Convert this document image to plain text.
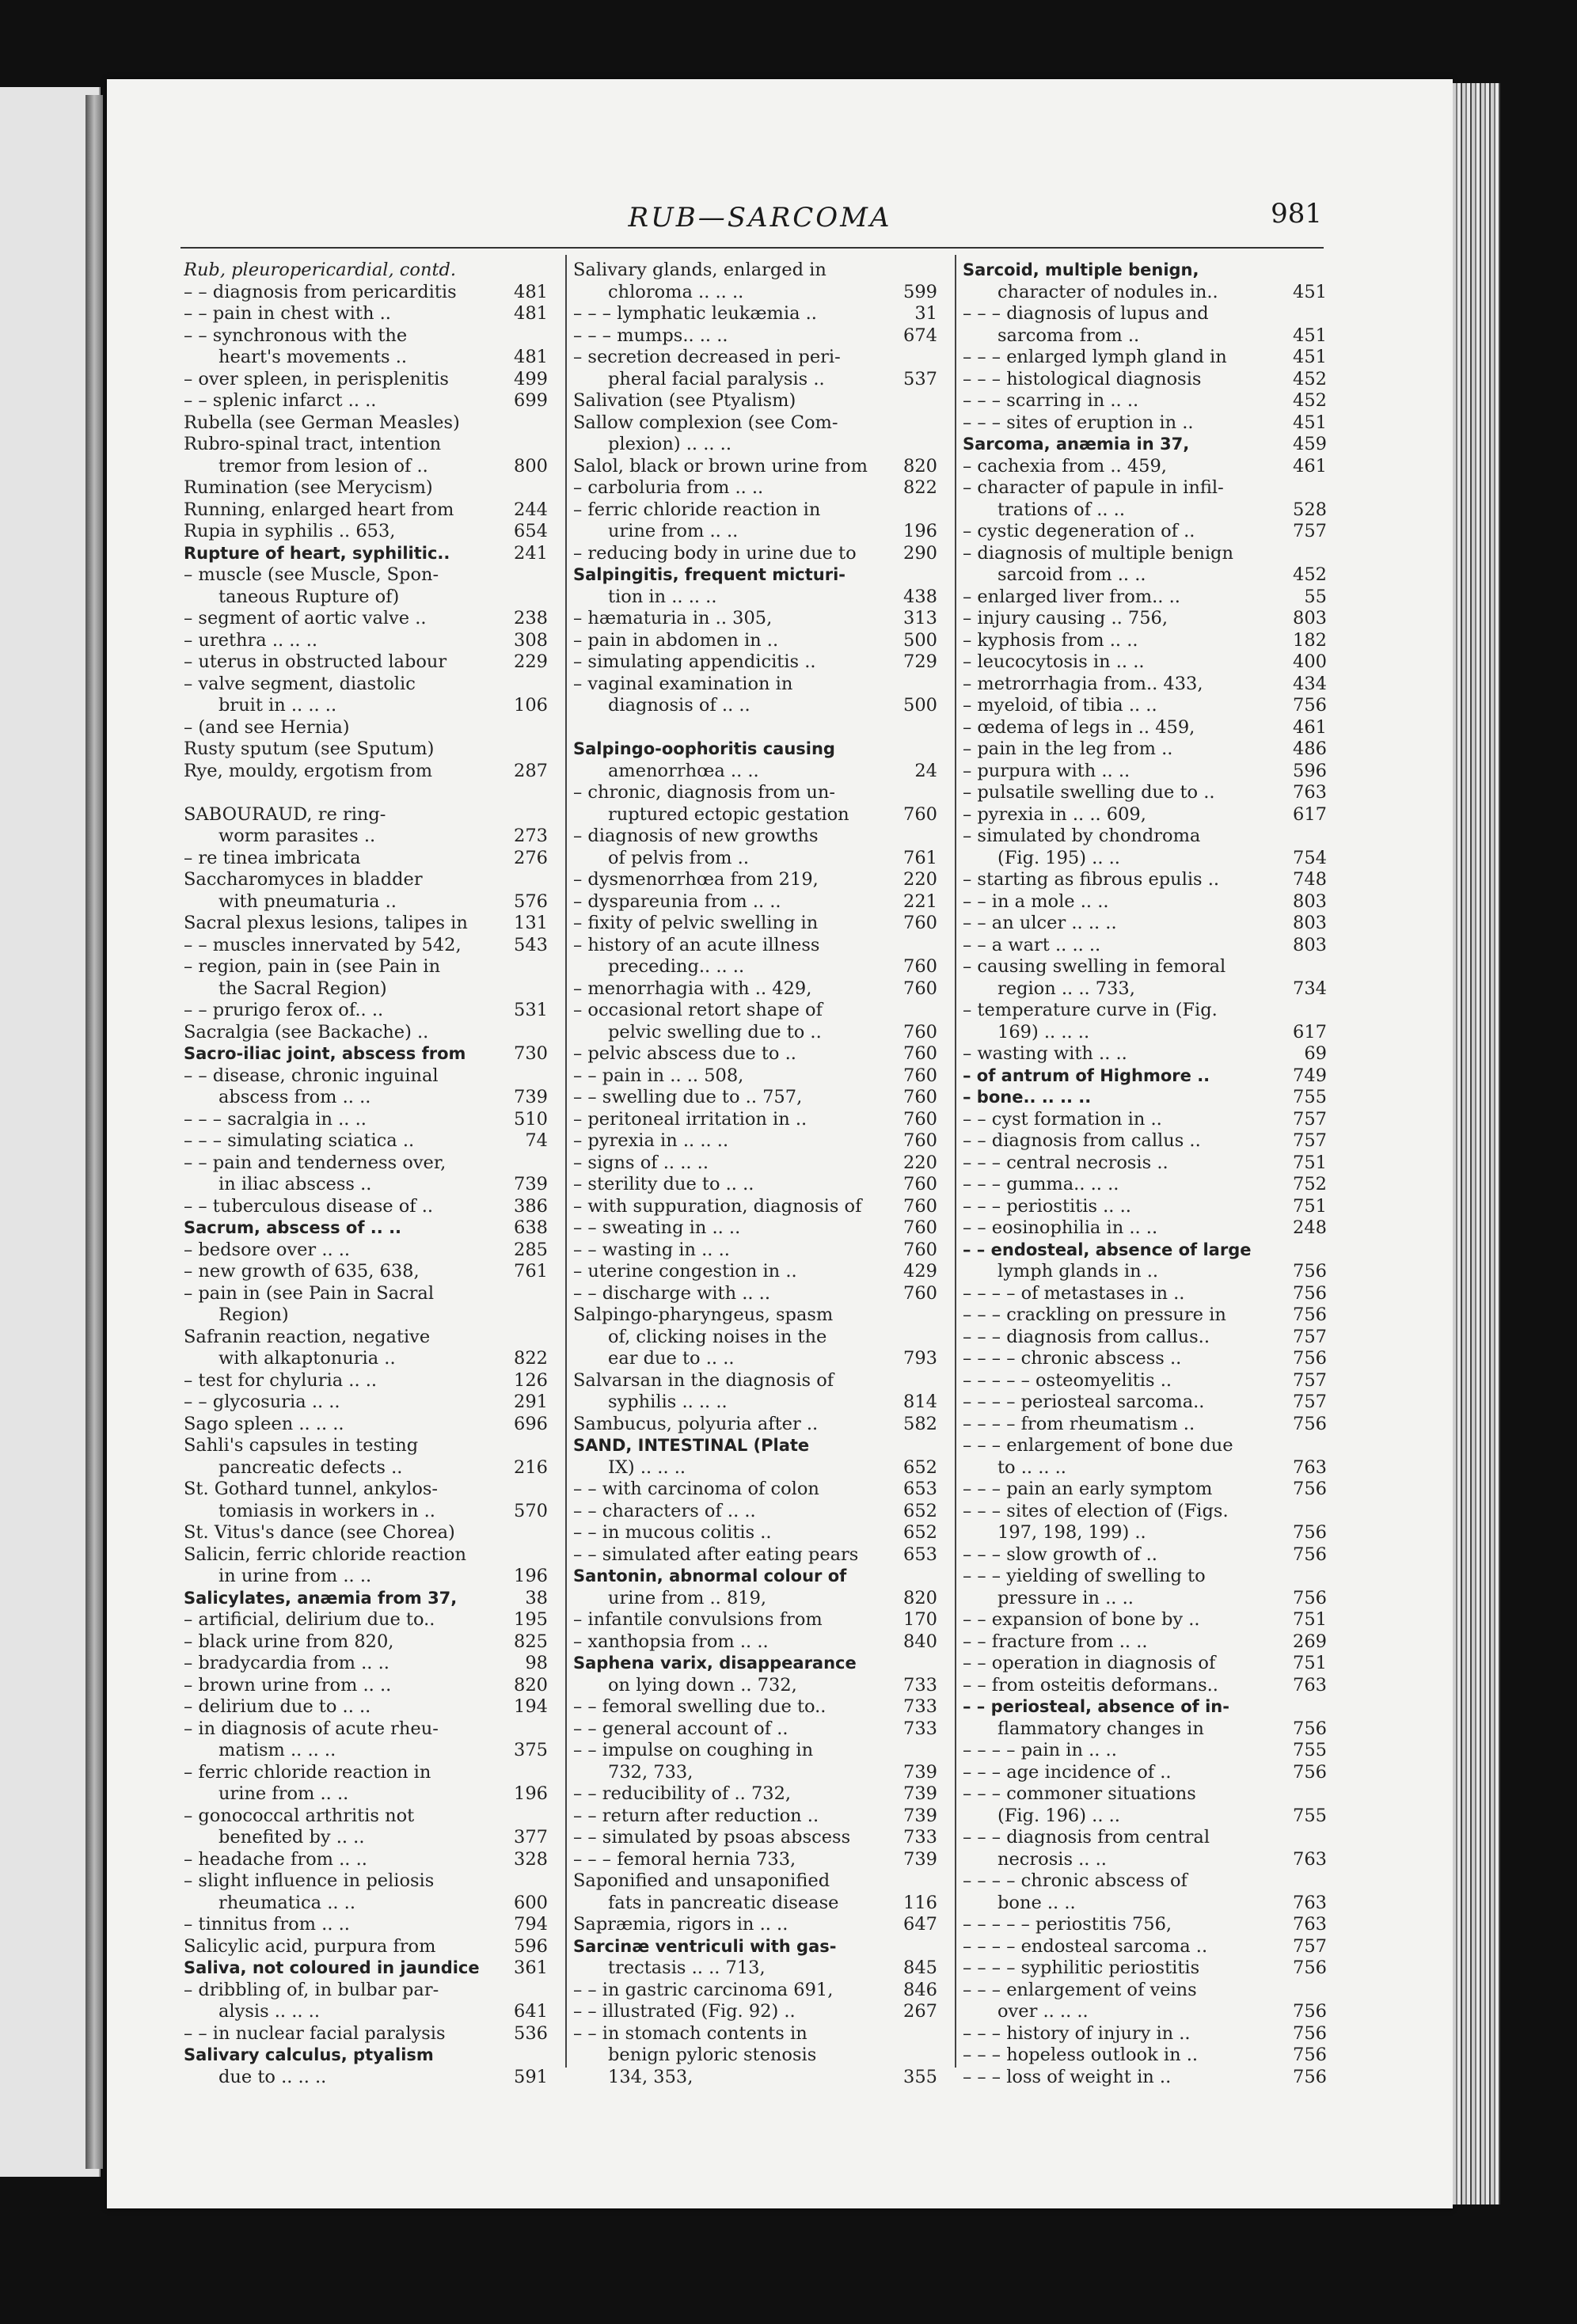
RUB—SARCOMA	981
Rub, pleuropericardial, contd.
– – diagnosis from pericarditis	481
– – pain in chest with ..	481
– – synchronous with the
heart's movements ..	481
– over spleen, in perisplenitis	499
– – splenic infarct .. ..	699
Rubella (see German Measles)
Rubro-spinal tract, intention
tremor from lesion of ..	800
Rumination (see Merycism)
Running, enlarged heart from	244
Rupia in syphilis .. 653,	654
Rupture of heart, syphilitic..	241
– muscle (see Muscle, Spon-
taneous Rupture of)
– segment of aortic valve ..	238
– urethra .. .. ..	308
– uterus in obstructed labour	229
– valve segment, diastolic
bruit in .. .. ..	106
– (and see Hernia)
Rusty sputum (see Sputum)
Rye, mouldy, ergotism from	287
SABOURAUD, re ring-
worm parasites ..	273
– re tinea imbricata	276
Saccharomyces in bladder
with pneumaturia ..	576
Sacral plexus lesions, talipes in	131
– – muscles innervated by 542,	543
– region, pain in (see Pain in
the Sacral Region)
– – prurigo ferox of.. ..	531
Sacralgia (see Backache) ..
Sacro-iliac joint, abscess from	730
– – disease, chronic inguinal
abscess from .. ..	739
– – – sacralgia in .. ..	510
– – – simulating sciatica ..	74
– – pain and tenderness over,
in iliac abscess ..	739
– – tuberculous disease of ..	386
Sacrum, abscess of .. ..	638
– bedsore over .. ..	285
– new growth of 635, 638,	761
– pain in (see Pain in Sacral
Region)
Safranin reaction, negative
with alkaptonuria ..	822
– test for chyluria .. ..	126
– – glycosuria .. ..	291
Sago spleen .. .. ..	696
Sahli's capsules in testing
pancreatic defects ..	216
St. Gothard tunnel, ankylos-
tomiasis in workers in ..	570
St. Vitus's dance (see Chorea)
Salicin, ferric chloride reaction
in urine from .. ..	196
Salicylates, anæmia from 37,	38
– artificial, delirium due to..	195
– black urine from 820,	825
– bradycardia from .. ..	98
– brown urine from .. ..	820
– delirium due to .. ..	194
– in diagnosis of acute rheu-
matism .. .. ..	375
– ferric chloride reaction in
urine from .. ..	196
– gonococcal arthritis not
benefited by .. ..	377
– headache from .. ..	328
– slight influence in peliosis
rheumatica .. ..	600
– tinnitus from .. ..	794
Salicylic acid, purpura from	596
Saliva, not coloured in jaundice	361
– dribbling of, in bulbar par-
alysis .. .. ..	641
– – in nuclear facial paralysis	536
Salivary calculus, ptyalism
due to .. .. ..	591
Salivary glands, enlarged in
chloroma .. .. ..	599
– – – lymphatic leukæmia ..	31
– – – mumps.. .. ..	674
– secretion decreased in peri-
pheral facial paralysis ..	537
Salivation (see Ptyalism)
Sallow complexion (see Com-
plexion) .. .. ..
Salol, black or brown urine from	820
– carboluria from .. ..	822
– ferric chloride reaction in
urine from .. ..	196
– reducing body in urine due to	290
Salpingitis, frequent micturi-
tion in .. .. ..	438
– hæmaturia in .. 305,	313
– pain in abdomen in ..	500
– simulating appendicitis ..	729
– vaginal examination in
diagnosis of .. ..	500
Salpingo-oophoritis causing
amenorrhœa .. ..	24
– chronic, diagnosis from un-
ruptured ectopic gestation	760
– diagnosis of new growths
of pelvis from ..	761
– dysmenorrhœa from 219,	220
– dyspareunia from .. ..	221
– fixity of pelvic swelling in	760
– history of an acute illness
preceding.. .. ..	760
– menorrhagia with .. 429,	760
– occasional retort shape of
pelvic swelling due to ..	760
– pelvic abscess due to ..	760
– – pain in .. .. 508,	760
– – swelling due to .. 757,	760
– peritoneal irritation in ..	760
– pyrexia in .. .. ..	760
– signs of .. .. ..	220
– sterility due to .. ..	760
– with suppuration, diagnosis of	760
– – sweating in .. ..	760
– – wasting in .. ..	760
– uterine congestion in ..	429
– – discharge with .. ..	760
Salpingo-pharyngeus, spasm
of, clicking noises in the
ear due to .. ..	793
Salvarsan in the diagnosis of
syphilis .. .. ..	814
Sambucus, polyuria after ..	582
SAND, INTESTINAL (Plate
IX) .. .. ..	652
– – with carcinoma of colon	653
– – characters of .. ..	652
– – in mucous colitis ..	652
– – simulated after eating pears	653
Santonin, abnormal colour of
urine from .. 819,	820
– infantile convulsions from	170
– xanthopsia from .. ..	840
Saphena varix, disappearance
on lying down .. 732,	733
– – femoral swelling due to..	733
– – general account of ..	733
– – impulse on coughing in
732, 733,	739
– – reducibility of .. 732,	739
– – return after reduction ..	739
– – simulated by psoas abscess	733
– – – femoral hernia 733,	739
Saponified and unsaponified
fats in pancreatic disease	116
Sapræmia, rigors in .. ..	647
Sarcinæ ventriculi with gas-
trectasis .. .. 713,	845
– – in gastric carcinoma 691,	846
– – illustrated (Fig. 92) ..	267
– – in stomach contents in
benign pyloric stenosis
134, 353,	355
Sarcoid, multiple benign,
character of nodules in..	451
– – – diagnosis of lupus and
sarcoma from ..	451
– – – enlarged lymph gland in	451
– – – histological diagnosis	452
– – – scarring in .. ..	452
– – – sites of eruption in ..	451
Sarcoma, anæmia in 37,	459
– cachexia from .. 459,	461
– character of papule in infil-
trations of .. ..	528
– cystic degeneration of ..	757
– diagnosis of multiple benign
sarcoid from .. ..	452
– enlarged liver from.. ..	55
– injury causing .. 756,	803
– kyphosis from .. ..	182
– leucocytosis in .. ..	400
– metrorrhagia from.. 433,	434
– myeloid, of tibia .. ..	756
– œdema of legs in .. 459,	461
– pain in the leg from ..	486
– purpura with .. ..	596
– pulsatile swelling due to ..	763
– pyrexia in .. .. 609,	617
– simulated by chondroma
(Fig. 195) .. ..	754
– starting as fibrous epulis ..	748
– – in a mole .. ..	803
– – an ulcer .. .. ..	803
– – a wart .. .. ..	803
– causing swelling in femoral
region .. .. 733,	734
– temperature curve in (Fig.
169) .. .. ..	617
– wasting with .. ..	69
– of antrum of Highmore ..	749
– bone.. .. .. ..	755
– – cyst formation in ..	757
– – diagnosis from callus ..	757
– – – central necrosis ..	751
– – – gumma.. .. ..	752
– – – periostitis .. ..	751
– – eosinophilia in .. ..	248
– – endosteal, absence of large
lymph glands in ..	756
– – – – of metastases in ..	756
– – – crackling on pressure in	756
– – – diagnosis from callus..	757
– – – – chronic abscess ..	756
– – – – – osteomyelitis ..	757
– – – – periosteal sarcoma..	757
– – – – from rheumatism ..	756
– – – enlargement of bone due
to .. .. ..	763
– – – pain an early symptom	756
– – – sites of election of (Figs.
197, 198, 199) ..	756
– – – slow growth of ..	756
– – – yielding of swelling to
pressure in .. ..	756
– – expansion of bone by ..	751
– – fracture from .. ..	269
– – operation in diagnosis of	751
– – from osteitis deformans..	763
– – periosteal, absence of in-
flammatory changes in	756
– – – – pain in .. ..	755
– – – age incidence of ..	756
– – – commoner situations
(Fig. 196) .. ..	755
– – – diagnosis from central
necrosis .. ..	763
– – – – chronic abscess of
bone .. ..	763
– – – – – periostitis 756,	763
– – – – endosteal sarcoma ..	757
– – – – syphilitic periostitis	756
– – – enlargement of veins
over .. .. ..	756
– – – history of injury in ..	756
– – – hopeless outlook in ..	756
– – – loss of weight in ..	756
